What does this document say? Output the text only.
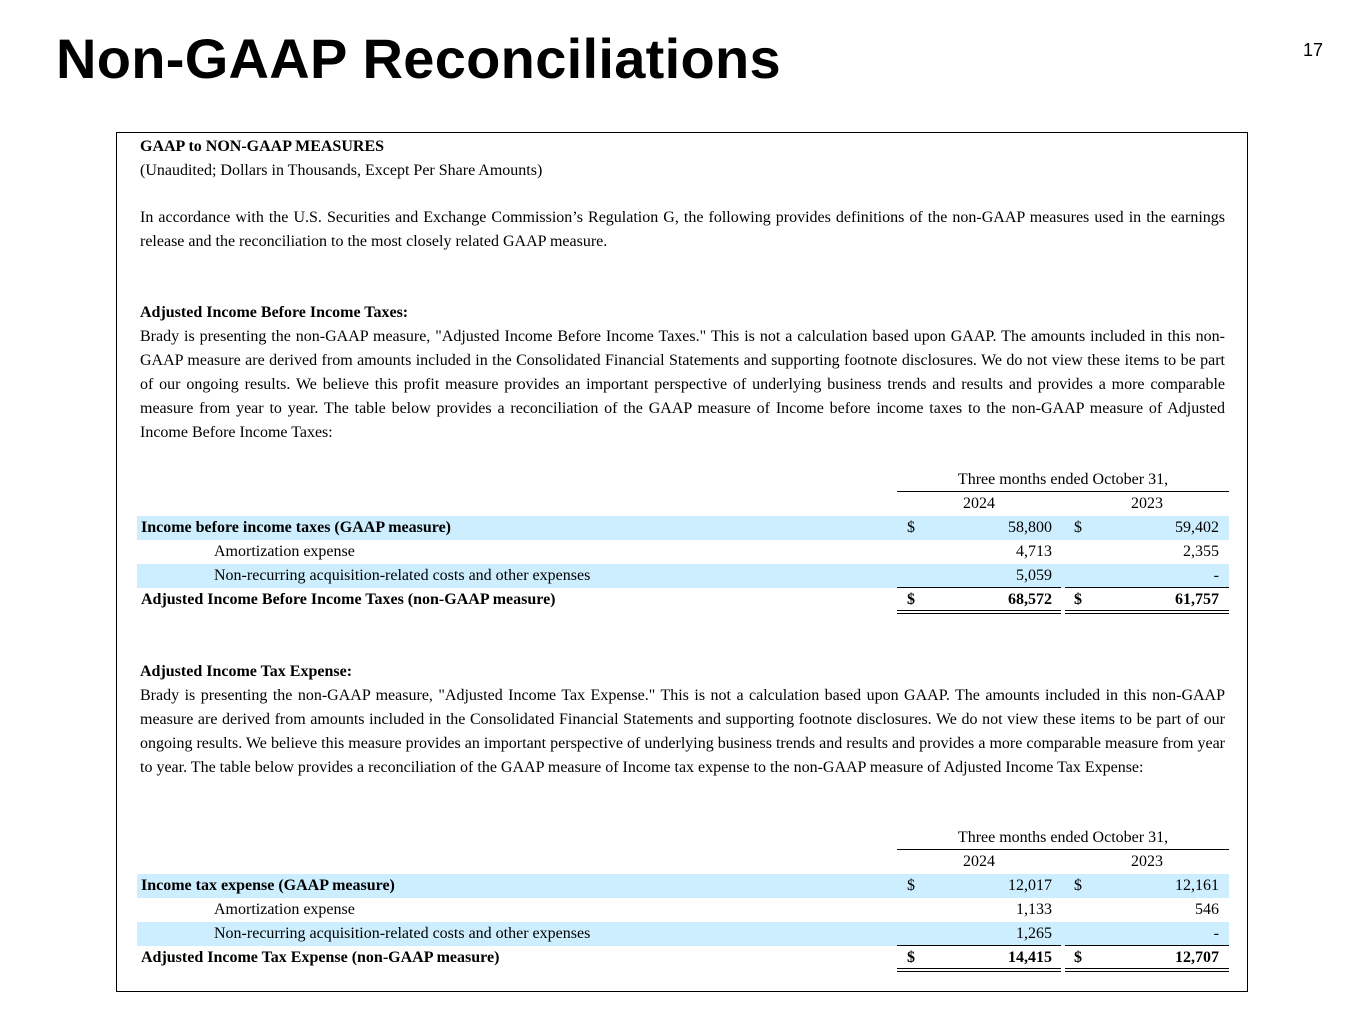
Non-GAAP Reconciliations	17
GAAP to NON-GAAP MEASURES
(Unaudited; Dollars in Thousands, Except Per Share Amounts)

In accordance with the U.S. Securities and Exchange Commission’s Regulation G, the following provides definitions of the non-GAAP measures used in the earnings release and the reconciliation to the most closely related GAAP measure.

Adjusted Income Before Income Taxes:

Brady is presenting the non-GAAP measure, "Adjusted Income Before Income Taxes." This is not a calculation based upon GAAP. The amounts included in this non-GAAP measure are derived from amounts included in the Consolidated Financial Statements and supporting footnote disclosures. We do not view these items to be part of our ongoing results. We believe this profit measure provides an important perspective of underlying business trends and results and provides a more comparable measure from year to year. The table below provides a reconciliation of the GAAP measure of Income before income taxes to the non-GAAP measure of Adjusted Income Before Income Taxes:

Three months ended October 31,
2024	2023
Income before income taxes (GAAP measure)	$	58,800 $	59,402
Amortization expense	4,713	2,355
Non-recurring acquisition-related costs and other expenses	5,059	-
Adjusted Income Before Income Taxes (non-GAAP measure)	$	68,572 $	61,757
Adjusted Income Tax Expense:

Brady is presenting the non-GAAP measure, "Adjusted Income Tax Expense." This is not a calculation based upon GAAP. The amounts included in this non-GAAP measure are derived from amounts included in the Consolidated Financial Statements and supporting footnote disclosures. We do not view these items to be part of our ongoing results. We believe this measure provides an important perspective of underlying business trends and results and provides a more comparable measure from year to year. The table below provides a reconciliation of the GAAP measure of Income tax expense to the non-GAAP measure of Adjusted Income Tax Expense:

Three months ended October 31,
2024	2023
Income tax expense (GAAP measure)	$	12,017 $	12,161
Amortization expense	1,133	546
Non-recurring acquisition-related costs and other expenses	1,265	-
Adjusted Income Tax Expense (non-GAAP measure)	$	14,415 $	12,707
